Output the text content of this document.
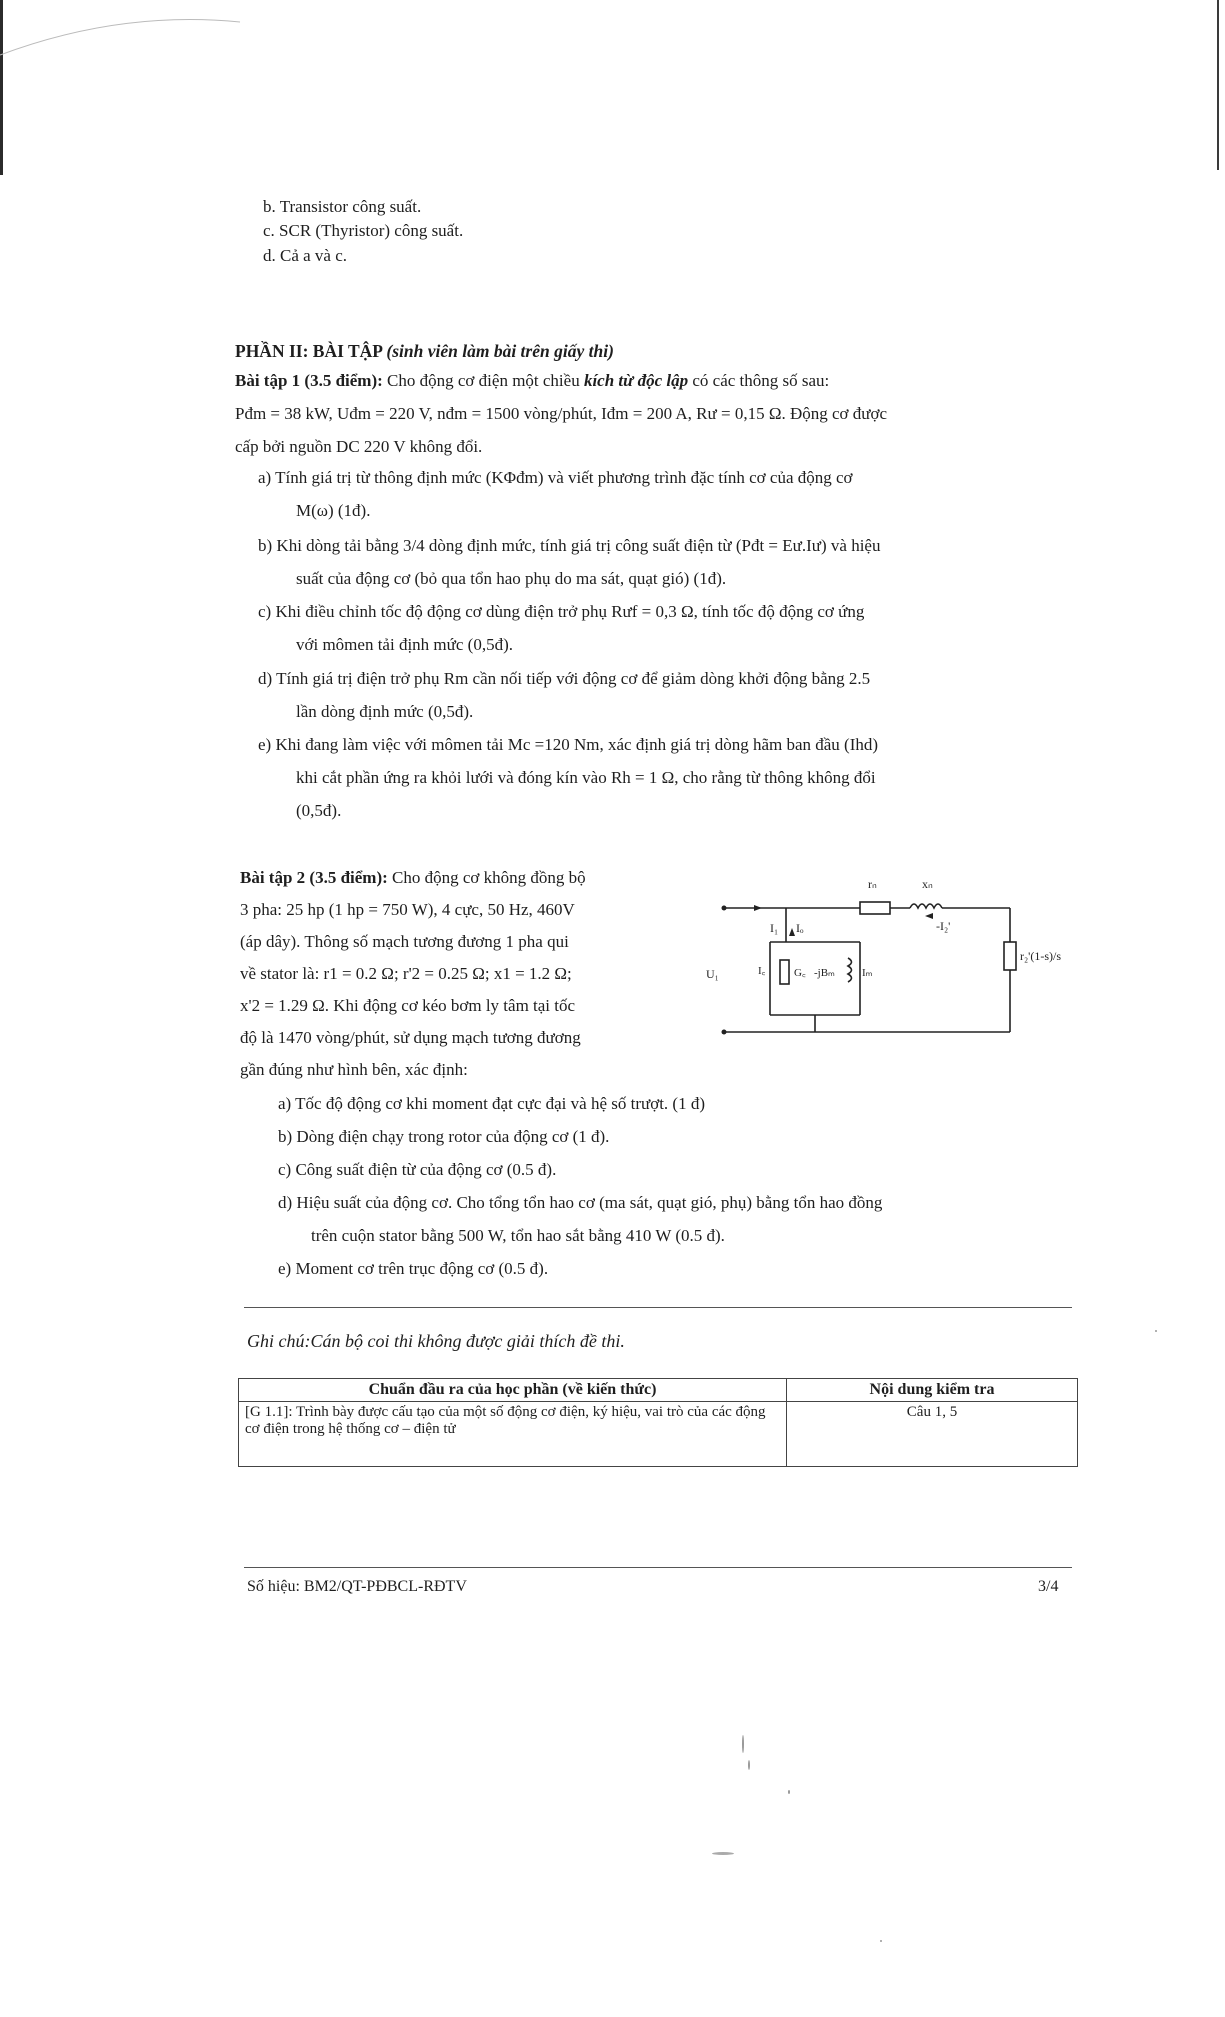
b. Transistor công suất.
c. SCR (Thyristor) công suất.
d. Cả a và c.
PHẦN II: BÀI TẬP (sinh viên làm bài trên giấy thi)
Bài tập 1 (3.5 điểm): Cho động cơ điện một chiều kích từ độc lập có các thông số sau:
Pđm = 38 kW, Uđm = 220 V, nđm = 1500 vòng/phút, Iđm = 200 A, Rư = 0,15 Ω. Động cơ được
cấp bởi nguồn DC 220 V không đổi.
a) Tính giá trị từ thông định mức (KΦđm) và viết phương trình đặc tính cơ của động cơ
M(ω) (1đ).
b) Khi dòng tải bằng 3/4 dòng định mức, tính giá trị công suất điện từ (Pđt = Eư.Iư) và hiệu
suất của động cơ (bỏ qua tổn hao phụ do ma sát, quạt gió) (1đ).
c) Khi điều chỉnh tốc độ động cơ dùng điện trở phụ Rưf = 0,3 Ω, tính tốc độ động cơ ứng
với mômen tải định mức (0,5đ).
d) Tính giá trị điện trở phụ Rm cần nối tiếp với động cơ để giảm dòng khởi động bằng 2.5
lần dòng định mức (0,5đ).
e) Khi đang làm việc với mômen tải Mc =120 Nm, xác định giá trị dòng hãm ban đầu (Ihd)
khi cắt phần ứng ra khỏi lưới và đóng kín vào Rh = 1 Ω, cho rằng từ thông không đổi
(0,5đ).
Bài tập 2 (3.5 điểm): Cho động cơ không đồng bộ
3 pha: 25 hp (1 hp = 750 W), 4 cực, 50 Hz, 460V
(áp dây). Thông số mạch tương đương 1 pha qui
về stator là: r1 = 0.2 Ω; r'2 = 0.25 Ω; x1 = 1.2 Ω;
x'2 = 1.29 Ω. Khi động cơ kéo bơm ly tâm tại tốc
độ là 1470 vòng/phút, sử dụng mạch tương đương
gần đúng như hình bên, xác định:
a) Tốc độ động cơ khi moment đạt cực đại và hệ số trượt. (1 đ)
b) Dòng điện chạy trong rotor của động cơ (1 đ).
c) Công suất điện từ của động cơ (0.5 đ).
d) Hiệu suất của động cơ. Cho tổng tổn hao cơ (ma sát, quạt gió, phụ) bằng tổn hao đồng
trên cuộn stator bằng 500 W, tổn hao sắt bằng 410 W (0.5 đ).
e) Moment cơ trên trục động cơ (0.5 đ).
rₙ	xₙ
-I₂'
I₁ Iₒ
U₁	I꜀	G꜀ -jBₘ Iₘ
r₂'(1-s)/s
Ghi chú:Cán bộ coi thi không được giải thích đề thi.
Chuẩn đầu ra của học phần (về kiến thức)	Nội dung kiểm tra
[G 1.1]: Trình bày được cấu tạo của một số động cơ điện, ký hiệu, vai trò của các động cơ điện trong hệ thống cơ – điện tử	Câu 1, 5
Số hiệu: BM2/QT-PĐBCL-RĐTV	3/4
